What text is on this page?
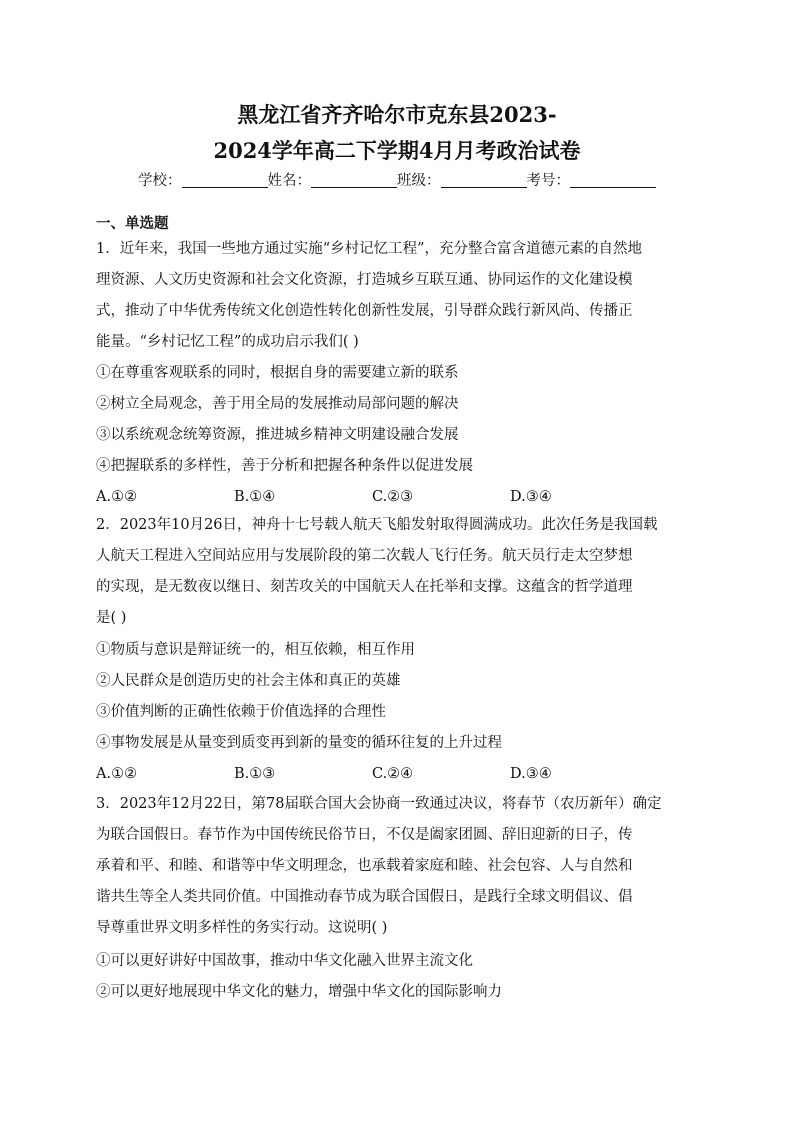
黑龙江省齐齐哈尔市克东县2023-
2024学年高二下学期4月月考政治试卷
学校：	姓名：	班级：	考号：
一、单选题
1．近年来，我国一些地方通过实施“乡村记忆工程”，充分整合富含道德元素的自然地
理资源、人文历史资源和社会文化资源，打造城乡互联互通、协同运作的文化建设模
式，推动了中华优秀传统文化创造性转化创新性发展，引导群众践行新风尚、传播正
能量。“乡村记忆工程”的成功启示我们( )
①在尊重客观联系的同时，根据自身的需要建立新的联系
②树立全局观念，善于用全局的发展推动局部问题的解决
③以系统观念统筹资源，推进城乡精神文明建设融合发展
④把握联系的多样性，善于分析和把握各种条件以促进发展
A.①②	B.①④	C.②③	D.③④
2．2023年10月26日，神舟十七号载人航天飞船发射取得圆满成功。此次任务是我国载
人航天工程进入空间站应用与发展阶段的第二次载人飞行任务。航天员行走太空梦想
的实现，是无数夜以继日、刻苦攻关的中国航天人在托举和支撑。这蕴含的哲学道理
是( )
①物质与意识是辩证统一的，相互依赖，相互作用
②人民群众是创造历史的社会主体和真正的英雄
③价值判断的正确性依赖于价值选择的合理性
④事物发展是从量变到质变再到新的量变的循环往复的上升过程
A.①②	B.①③	C.②④	D.③④
3．2023年12月22日，第78届联合国大会协商一致通过决议，将春节（农历新年）确定
为联合国假日。春节作为中国传统民俗节日，不仅是阖家团圆、辞旧迎新的日子，传
承着和平、和睦、和谐等中华文明理念，也承载着家庭和睦、社会包容、人与自然和
谐共生等全人类共同价值。中国推动春节成为联合国假日，是践行全球文明倡议、倡
导尊重世界文明多样性的务实行动。这说明( )
①可以更好讲好中国故事，推动中华文化融入世界主流文化
②可以更好地展现中华文化的魅力，增强中华文化的国际影响力
